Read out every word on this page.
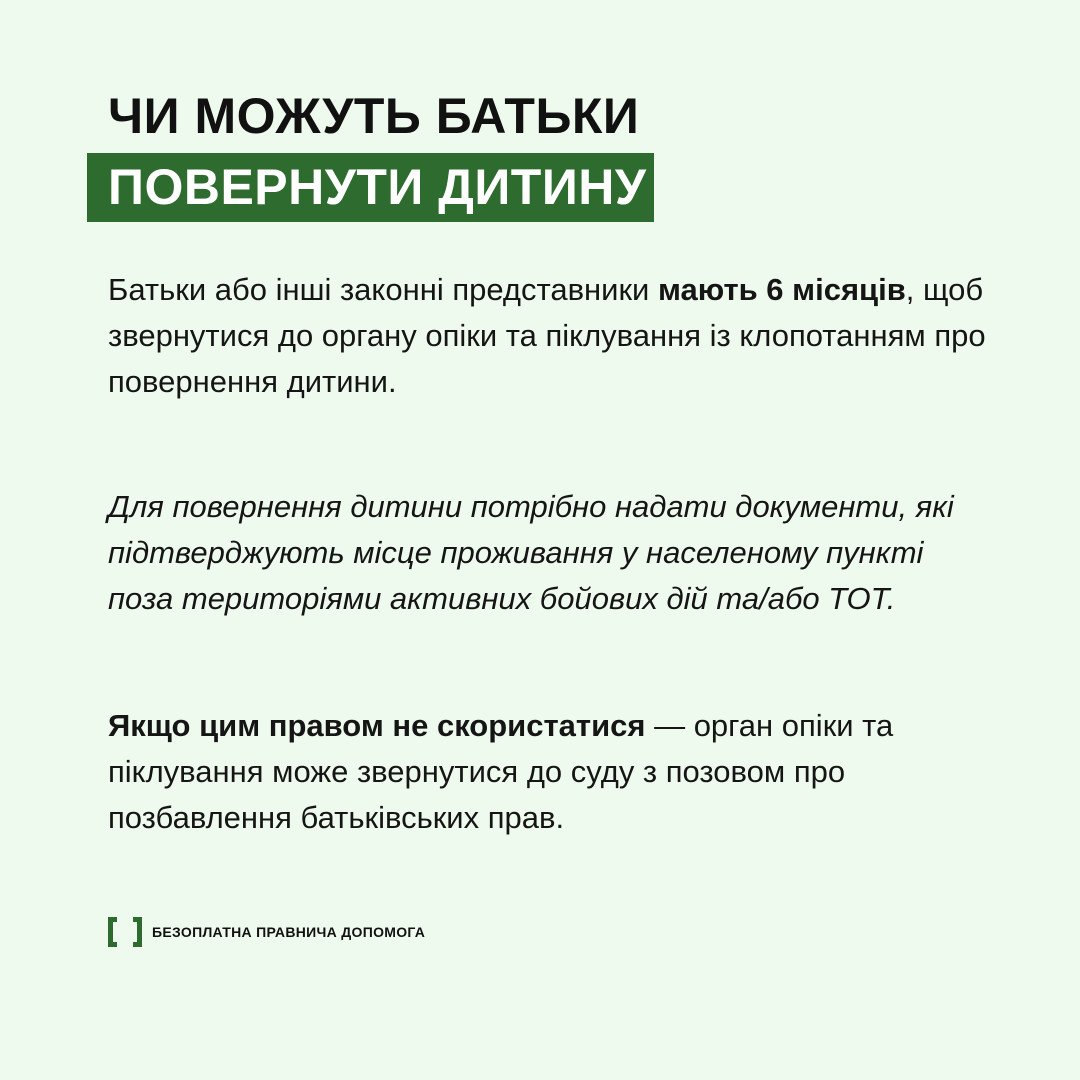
ЧИ МОЖУТЬ БАТЬКИ
ПОВЕРНУТИ ДИТИНУ
Батьки або інші законні представники мають 6 місяців, щоб звернутися до органу опіки та піклування із клопотанням про повернення дитини.
Для повернення дитини потрібно надати документи, які підтверджують місце проживання у населеному пункті поза територіями активних бойових дій та/або ТОТ.
Якщо цим правом не скористатися — орган опіки та піклування може звернутися до суду з позовом про позбавлення батьківських прав.
БЕЗОПЛАТНА ПРАВНИЧА ДОПОМОГА
